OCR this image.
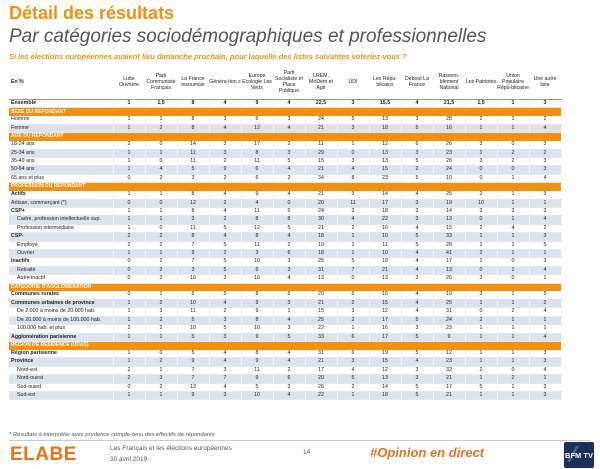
Détail des résultats
Par catégories sociodémographiques et professionnelles
Si les élections européennes avaient lieu dimanche prochain, pour laquelle des listes suivantes voteriez-vous ?
En %	Lutte Ouvrière	Parti Communiste Français	La France insoumise	Généra-tion.s	Europe Ecologie Les Verts	Parti Socialiste et Place Publique	LREM, MoDem et Agir	UDI	Les Répu-blicains	Debout La France	Rassem-blement National	Les Patriotes	Union Populaire Répu-blicaine	Une autre liste
Ensemble	1	1,5	8	4	9	4	22,5	3	15,5	4	21,5	1,5	1	3
SEXE DU REPONDANT														
Homme	1	1	8	3	6	3	24	5	13	3	28	2	1	2
Femme	1	2	8	4	12	4	21	3	18	5	16	1	1	4
AGE DU REPONDANT														
18-24 ans	2	0	14	3	17	2	11	1	12	6	26	3	0	3
25-34 ans	1	1	11	3	8	3	29	0	13	3	23	1	2	2
35-49 ans	1	0	11	2	11	5	15	3	13	5	26	3	2	3
50-64 ans	1	4	5	9	6	4	21	4	15	2	24	0	0	3
65 ans et plus	0	2	3	2	6	2	34	8	23	5	10	0	1	4
PROFESSION DU REPONDANT														
Actifs	1	1	8	4	9	4	21	3	14	4	25	2	1	3
Artisan, commerçant (*)	0	0	12	2	4	0	20	11	17	3	19	10	1	1
CSP+	1	1	8	4	11	6	24	3	18	3	14	3	3	3
Cadre, profession intellectuelle sup.	1	1	3	2	8	8	30	4	22	3	13	0	1	4
Profession intermédiaire	1	0	11	5	12	5	21	2	16	4	15	2	4	2
CSP-	2	2	8	4	8	4	18	1	10	5	33	1	1	3
Employé	2	2	7	5	11	2	19	1	11	5	28	1	1	5
Ouvrier	1	1	9	2	3	6	18	1	10	4	41	2	1	1
Inactifs	0	2	7	5	10	3	25	5	18	4	17	1	0	3
Retraité	0	2	3	5	6	3	31	7	21	4	13	0	1	4
Autre inactif	0	2	16	3	16	4	13	0	13	3	26	3	0	1
CATEGORIE D'AGGLOMERATION														
Communes rurales	0	1	6	5	8	6	20	6	16	4	19	3	1	5
Communes urbaines de province	1	2	10	4	9	3	21	2	15	4	25	1	1	2
De 2.000 à moins de 20.000 hab.	1	3	11	2	9	1	15	3	12	4	31	0	2	4
De 20.000 à moins de 100.000 hab.	1	2	5	3	8	4	25	2	17	5	24	2	1	1
100.000 hab. et plus	2	2	10	5	10	3	22	1	16	3	23	1	1	1
Agglomération parisienne	1	1	5	3	9	5	33	6	17	5	9	1	1	4
REGION DE RESIDENCE (UDAS)														
Région parisienne	1	0	5	4	8	4	31	6	19	5	12	1	1	3
Province	1	2	9	4	9	4	21	3	15	4	23	1	1	3
Nord-est	2	1	7	3	11	2	17	4	12	3	32	2	0	4
Nord-ouest	2	3	7	7	9	6	20	5	13	3	21	1	2	1
Sud-ouest	0	2	13	4	5	3	26	2	14	5	17	5	1	3
Sud-est	1	1	9	3	10	4	22	1	18	5	21	1	1	3
* Résultats à interpréter avec prudence compte-tenu des effectifs de répondants
ELABE	Les Français et les élections européennes
30 avril 2019
14	#Opinion en direct	BFM TV
